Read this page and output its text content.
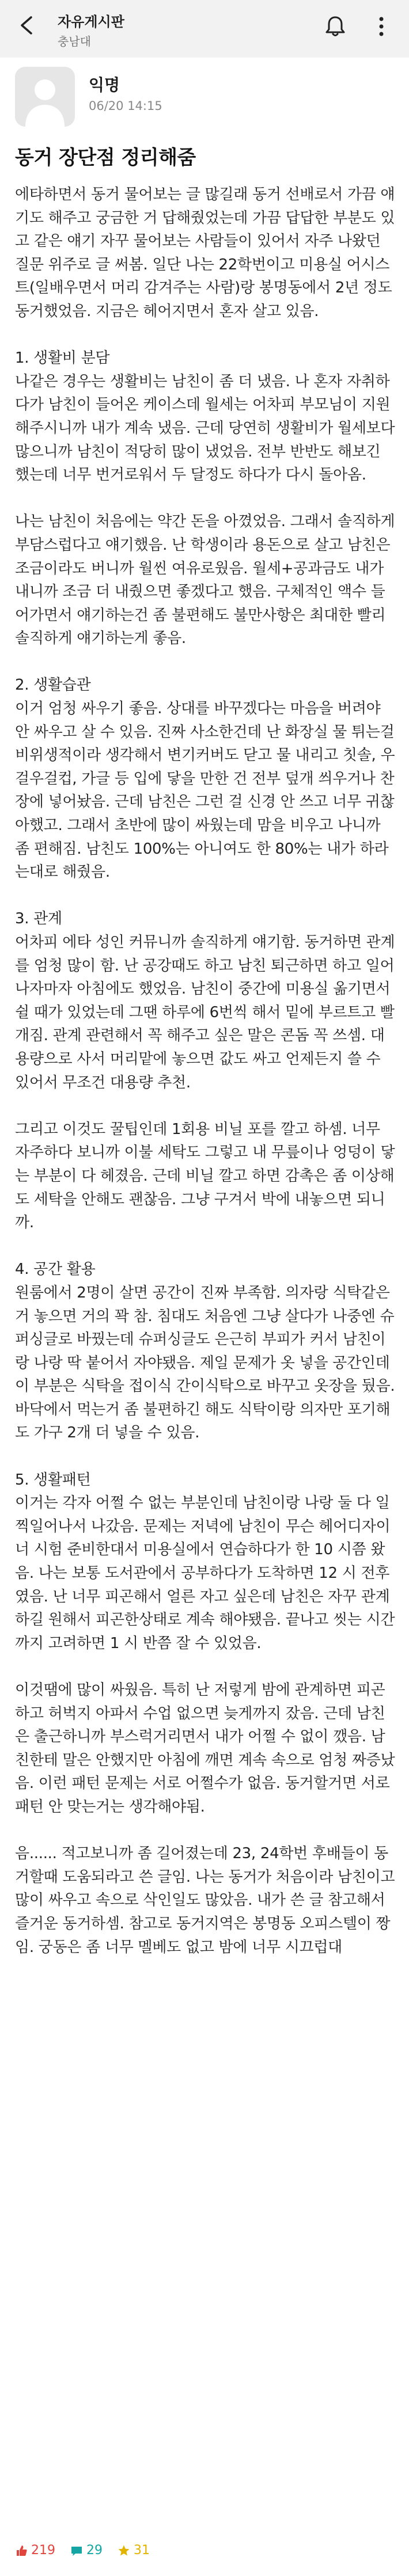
자유게시판
충남대
익명
06/20 14:15
동거 장단점 정리해줌

에타하면서 동거 물어보는 글 많길래 동거 선배로서 가끔 얘기도 해주고 궁금한 거 답해줬었는데 가끔 답답한 부분도 있고 같은 얘기 자꾸 물어보는 사람들이 있어서 자주 나왔던 질문 위주로 글 써봄. 일단 나는 22학번이고 미용실 어시스트(일배우면서 머리 감겨주는 사람)랑 봉명동에서 2년 정도 동거했었음. 지금은 헤어지면서 혼자 살고 있음.

1. 생활비 분담
나같은 경우는 생활비는 남친이 좀 더 냈음. 나 혼자 자취하다가 남친이 들어온 케이스데 월세는 어차피 부모님이 지원해주시니까 내가 계속 냈음. 근데 당연히 생활비가 월세보다 많으니까 남친이 적당히 많이 냈었음. 전부 반반도 해보긴 했는데 너무 번거로워서 두 달정도 하다가 다시 돌아옴.

나는 남친이 처음에는 약간 돈을 아꼈었음. 그래서 솔직하게 부담스럽다고 얘기했음. 난 학생이라 용돈으로 살고 남친은 조금이라도 버니까 월씬 여유로웠음. 월세+공과금도 내가 내니까 조금 더 내줬으면 좋겠다고 했음. 구체적인 액수 들어가면서 얘기하는건 좀 불편해도 불만사항은 최대한 빨리 솔직하게 얘기하는게 좋음.

2. 생활습관
이거 엄청 싸우기 좋음. 상대를 바꾸겠다는 마음을 버려야 안 싸우고 살 수 있음. 진짜 사소한건데 난 화장실 물 튀는걸 비위생적이라 생각해서 변기커버도 닫고 물 내리고 칫솔, 우걸우걸컵, 가글 등 입에 닿을 만한 건 전부 덮개 씌우거나 찬장에 넣어놨음. 근데 남친은 그런 걸 신경 안 쓰고 너무 귀찮아했고. 그래서 초반에 많이 싸웠는데 맘을 비우고 나니까 좀 편해짐. 남친도 100%는 아니여도 한 80%는 내가 하라는대로 해줬음.

3. 관계
어차피 에타 성인 커뮤니까 솔직하게 얘기함. 동거하면 관계를 엄청 많이 함. 난 공강때도 하고 남친 퇴근하면 하고 일어나자마자 아침에도 했었음. 남친이 중간에 미용실 옮기면서 쉴 때가 있었는데 그땐 하루에 6번씩 해서 밑에 부르트고 빨개짐. 관계 관련해서 꼭 해주고 싶은 말은 콘돔 꼭 쓰셈. 대용량으로 사서 머리맡에 놓으면 값도 싸고 언제든지 쓸 수 있어서 무조건 대용량 추천.

그리고 이것도 꿀팁인데 1회용 비닐 포를 깔고 하셈. 너무 자주하다 보니까 이불 세탁도 그렇고 내 무릎이나 엉덩이 닿는 부분이 다 헤졌음. 근데 비닐 깔고 하면 감촉은 좀 이상해도 세탁을 안해도 괜찮음. 그냥 구겨서 박에 내놓으면 되니까.

4. 공간 활용
원룸에서 2명이 살면 공간이 진짜 부족함. 의자랑 식탁같은거 놓으면 거의 꽉 참. 침대도 처음엔 그냥 살다가 나중엔 슈퍼싱글로 바꿨는데 슈퍼싱글도 은근히 부피가 커서 남친이랑 나랑 딱 붙어서 자야됐음. 제일 문제가 옷 넣을 공간인데 이 부분은 식탁을 접이식 간이식탁으로 바꾸고 옷장을 뒀음. 바닥에서 먹는거 좀 불편하긴 해도 식탁이랑 의자만 포기해도 가구 2개 더 넣을 수 있음.

5. 생활패턴
이거는 각자 어쩔 수 없는 부분인데 남친이랑 나랑 둘 다 일찍일어나서 나갔음. 문제는 저녁에 남친이 무슨 헤어디자이너 시험 준비한대서 미용실에서 연습하다가 한 10 시쯤 왔음. 나는 보통 도서관에서 공부하다가 도착하면 12 시 전후였음. 난 너무 피곤해서 얼른 자고 싶은데 남친은 자꾸 관계하길 원해서 피곤한상태로 계속 해야됐음. 끝나고 씻는 시간까지 고려하면 1 시 반쯤 잘 수 있었음.

이것땜에 많이 싸웠음. 특히 난 저렇게 밤에 관계하면 피곤하고 허벅지 아파서 수업 없으면 늦게까지 잤음. 근데 남친은 출근하니까 부스럭거리면서 내가 어쩔 수 없이 깼음. 남친한테 말은 안했지만 아침에 깨면 계속 속으로 엄청 짜증났음. 이런 패턴 문제는 서로 어쩔수가 없음. 동거할거면 서로 패턴 안 맞는거는 생각해야됨.

음...... 적고보니까 좀 길어졌는데 23, 24학번 후배들이 동거할때 도움되라고 쓴 글임. 나는 동거가 처음이라 남친이고 많이 싸우고 속으로 삭인일도 많았음. 내가 쓴 글 참고해서 즐거운 동거하셈. 참고로 동거지역은 봉명동 오피스텔이 짱임. 궁동은 좀 너무 멜베도 없고 밤에 너무 시끄럽대

219 29 31
